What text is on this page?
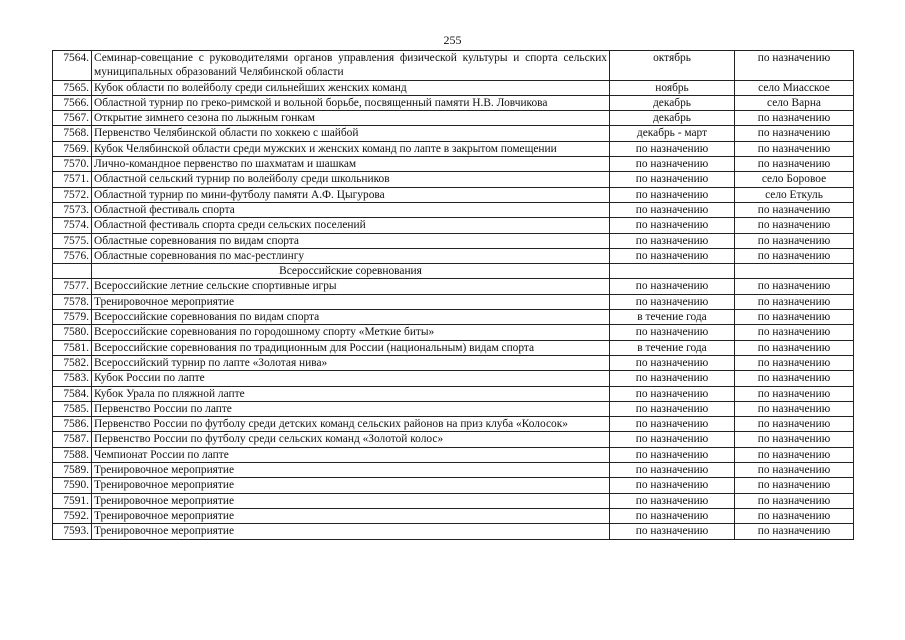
255
7564.	Семинар-совещание с руководителями органов управления физической культуры и спорта сельских муниципальных образований Челябинской области	октябрь	по назначению
7565.	Кубок области по волейболу среди сильнейших женских команд	ноябрь	село Миасское
7566.	Областной турнир по греко-римской и вольной борьбе, посвященный памяти Н.В. Ловчикова	декабрь	село Варна
7567.	Открытие зимнего сезона по лыжным гонкам	декабрь	по назначению
7568.	Первенство Челябинской области по хоккею с шайбой	декабрь - март	по назначению
7569.	Кубок Челябинской области среди мужских и женских команд по лапте в закрытом помещении	по назначению	по назначению
7570.	Лично-командное первенство по шахматам и шашкам	по назначению	по назначению
7571.	Областной сельский турнир по волейболу среди школьников	по назначению	село Боровое
7572.	Областной турнир по мини-футболу памяти А.Ф. Цыгурова	по назначению	село Еткуль
7573.	Областной фестиваль спорта	по назначению	по назначению
7574.	Областной фестиваль спорта среди сельских поселений	по назначению	по назначению
7575.	Областные соревнования по видам спорта	по назначению	по назначению
7576.	Областные соревнования по мас-рестлингу	по назначению	по назначению
	Всероссийские соревнования		
7577.	Всероссийские летние сельские спортивные игры	по назначению	по назначению
7578.	Тренировочное мероприятие	по назначению	по назначению
7579.	Всероссийские соревнования по видам спорта	в течение года	по назначению
7580.	Всероссийские соревнования по городошному спорту «Меткие биты»	по назначению	по назначению
7581.	Всероссийские соревнования по традиционным для России (национальным) видам спорта	в течение года	по назначению
7582.	Всероссийский турнир по лапте «Золотая нива»	по назначению	по назначению
7583.	Кубок России по лапте	по назначению	по назначению
7584.	Кубок Урала по пляжной лапте	по назначению	по назначению
7585.	Первенство России по лапте	по назначению	по назначению
7586.	Первенство России по футболу среди детских команд сельских районов на приз клуба «Колосок»	по назначению	по назначению
7587.	Первенство России по футболу среди сельских команд «Золотой колос»	по назначению	по назначению
7588.	Чемпионат России по лапте	по назначению	по назначению
7589.	Тренировочное мероприятие	по назначению	по назначению
7590.	Тренировочное мероприятие	по назначению	по назначению
7591.	Тренировочное мероприятие	по назначению	по назначению
7592.	Тренировочное мероприятие	по назначению	по назначению
7593.	Тренировочное мероприятие	по назначению	по назначению
